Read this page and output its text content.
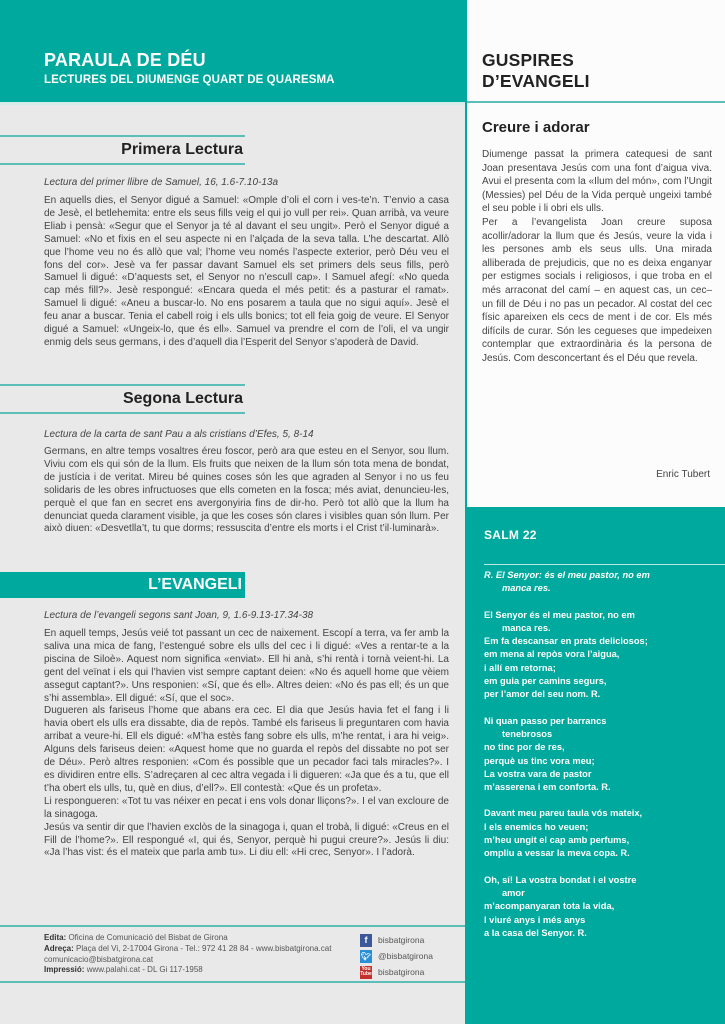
PARAULA DE DÉU
LECTURES DEL DIUMENGE QUART DE QUARESMA
Primera Lectura
Lectura del primer llibre de Samuel, 16, 1.6-7.10-13a

En aquells dies, el Senyor digué a Samuel: «Omple d’oli el corn i ves-te’n. T’envio a casa de Jesè, el betlehemita: entre els seus fills veig el qui jo vull per rei». Quan arribà, va veure Eliab i pensà: «Segur que el Senyor ja té al davant el seu ungit». Però el Senyor digué a Samuel: «No et fixis en el seu aspecte ni en l’alçada de la seva talla. L’he descartat. Allò que l’home veu no és allò que val; l’home veu només l’aspecte exterior, però Déu veu el fons del cor». Jesè va fer passar davant Samuel els set primers dels seus fills, però Samuel li digué: «D’aquests set, el Senyor no n’escull cap». I Samuel afegí: «No queda cap més fill?». Jesè respongué: «Encara queda el més petit: és a pasturar el ramat». Samuel li digué: «Aneu a buscar-lo. No ens posarem a taula que no sigui aquí». Jesè el feu anar a buscar. Tenia el cabell roig i els ulls bonics; tot ell feia goig de veure. El Senyor digué a Samuel: «Ungeix-lo, que és ell». Samuel va prendre el corn de l’oli, el va ungir enmig dels seus germans, i des d’aquell dia l’Esperit del Senyor s’apoderà de David.

Segona Lectura
Lectura de la carta de sant Pau a als cristians d’Efes, 5, 8-14

Germans, en altre temps vosaltres éreu foscor, però ara que esteu en el Senyor, sou llum. Viviu com els qui són de la llum. Els fruits que neixen de la llum són tota mena de bondat, de justícia i de veritat. Mireu bé quines coses són les que agraden al Senyor i no us feu solidaris de les obres infructuoses que ells cometen en la fosca; més aviat, denuncieu-les, perquè el que fan en secret ens avergonyiria fins de dir-ho. Però tot allò que la llum ha denunciat queda clarament visible, ja que les coses són clares i visibles quan són llum. Per això diuen: «Desvetlla’t, tu que dorms; ressuscita d’entre els morts i el Crist t’il·luminarà».

L’EVANGELI
Lectura de l’evangeli segons sant Joan, 9, 1.6-9.13-17.34-38

En aquell temps, Jesús veié tot passant un cec de naixement. Escopí a terra, va fer amb la saliva una mica de fang, l’estengué sobre els ulls del cec i li digué: «Ves a rentar-te a la piscina de Siloè». Aquest nom significa «enviat». Ell hi anà, s’hi rentà i tornà veient-hi. La gent del veïnat i els qui l’havien vist sempre captant deien: «No és aquell home que vèiem assegut captant?». Uns responien: «Sí, que és ell». Altres deien: «No és pas ell; és un que s’hi assembla». Ell digué: «Sí, que el soc».

Dugueren als fariseus l’home que abans era cec. El dia que Jesús havia fet el fang i li havia obert els ulls era dissabte, dia de repòs. També els fariseus li preguntaren com havia arribat a veure-hi. Ell els digué: «M’ha estès fang sobre els ulls, m’he rentat, i ara hi veig». Alguns dels fariseus deien: «Aquest home que no guarda el repòs del dissabte no pot ser de Déu». Però altres responien: «Com és possible que un pecador faci tals miracles?». I es dividiren entre ells. S’adreçaren al cec altra vegada i li digueren: «Ja que és a tu, que ell t’ha obert els ulls, tu, què en dius, d’ell?». Ell contestà: «Que és un profeta».

Li respongueren: «Tot tu vas néixer en pecat i ens vols donar lliçons?». I el van excloure de la sinagoga.

Jesús va sentir dir que l’havien exclòs de la sinagoga i, quan el trobà, li digué: «Creus en el Fill de l’home?». Ell respongué «I, qui és, Senyor, perquè hi pugui creure?». Jesús li diu: «Ja l’has vist: és el mateix que parla amb tu». Li diu ell: «Hi crec, Senyor». I l’adorà.

Edita: Oficina de Comunicació del Bisbat de Girona
Adreça: Plaça del Vi, 2-17004 Girona - Tel.: 972 41 28 84 - www.bisbatgirona.cat
comunicacio@bisbatgirona.cat
Impressió: www.palahi.cat - DL Gi 117-1958
f	bisbatgirona
🐦︎ @bisbatgirona
You
Tube bisbatgirona
GUSPIRES
D’EVANGELI
Creure i adorar

Diumenge passat la primera catequesi de sant Joan presentava Jesús com una font d’aigua viva. Avui el presenta com la «Ilum del món», com l’Ungit (Messies) pel Déu de la Vida perquè ungeixi també el seu poble i li obri els ulls.

Per a l’evangelista Joan creure suposa acollir/adorar la llum que és Jesús, veure la vida i les persones amb els seus ulls. Una mirada alliberada de prejudicis, que no es deixa enganyar per estigmes socials i religiosos, i que troba en el més arraconat del camí – en aquest cas, un cec– un fill de Déu i no pas un pecador. Al costat del cec físic apareixen els cecs de ment i de cor. Els més difícils de curar. Són les cegueses que impedeixen contemplar que extraordinària és la persona de Jesús. Com desconcertant és el Déu que revela.

Enric Tubert
SALM 22
R. El Senyor: és el meu pastor, no em
manca res.
El Senyor és el meu pastor, no em
manca res.
Em fa descansar en prats deliciosos;
em mena al repòs vora l’aigua,
i allí em retorna;
em guia per camins segurs,
per l’amor del seu nom. R.
Ni quan passo per barrancs
tenebrosos
no tinc por de res,
perquè us tinc vora meu;
La vostra vara de pastor
m’asserena i em conforta. R.
Davant meu pareu taula vós mateix,
I els enemics ho veuen;
m’heu ungit el cap amb perfums,
ompliu a vessar la meva copa. R.
Oh, sí! La vostra bondat i el vostre
amor
m’acompanyaran tota la vida,
I viuré anys i més anys
a la casa del Senyor. R.
